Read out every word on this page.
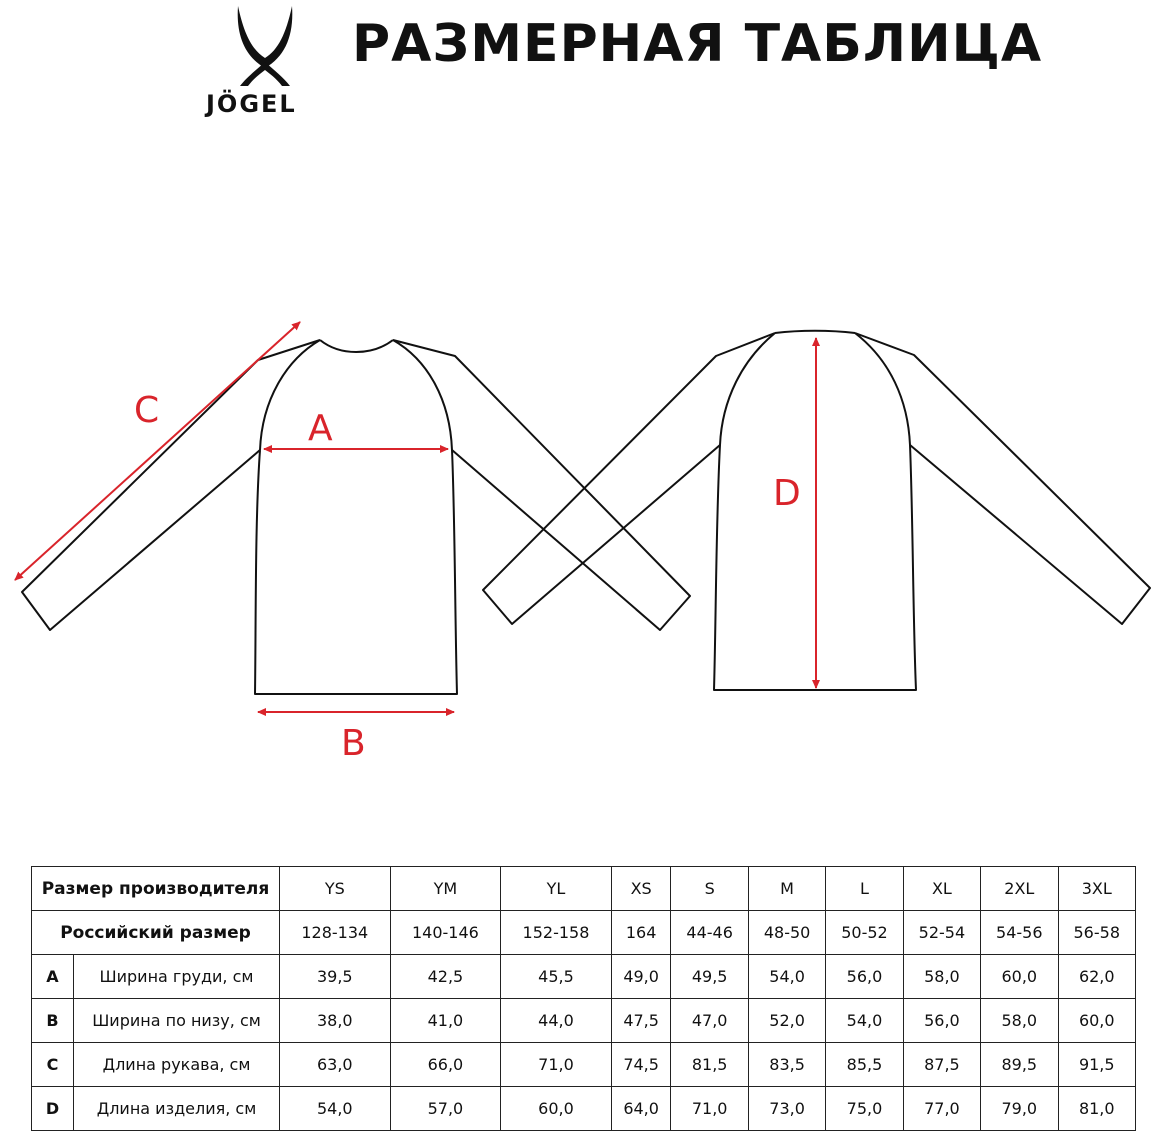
JÖGEL
РАЗМЕРНАЯ ТАБЛИЦА
A
B
C
D
Размер производителя		YS	YM	YL	XS	S	M	L	XL	2XL	3XL
Российский размер		128-134	140-146	152-158	164	44-46	48-50	50-52	52-54	54-56	56-58
A	Ширина груди, см	39,5	42,5	45,5	49,0	49,5	54,0	56,0	58,0	60,0	62,0
B	Ширина по низу, см	38,0	41,0	44,0	47,5	47,0	52,0	54,0	56,0	58,0	60,0
C	Длина рукава, см	63,0	66,0	71,0	74,5	81,5	83,5	85,5	87,5	89,5	91,5
D	Длина изделия, см	54,0	57,0	60,0	64,0	71,0	73,0	75,0	77,0	79,0	81,0
